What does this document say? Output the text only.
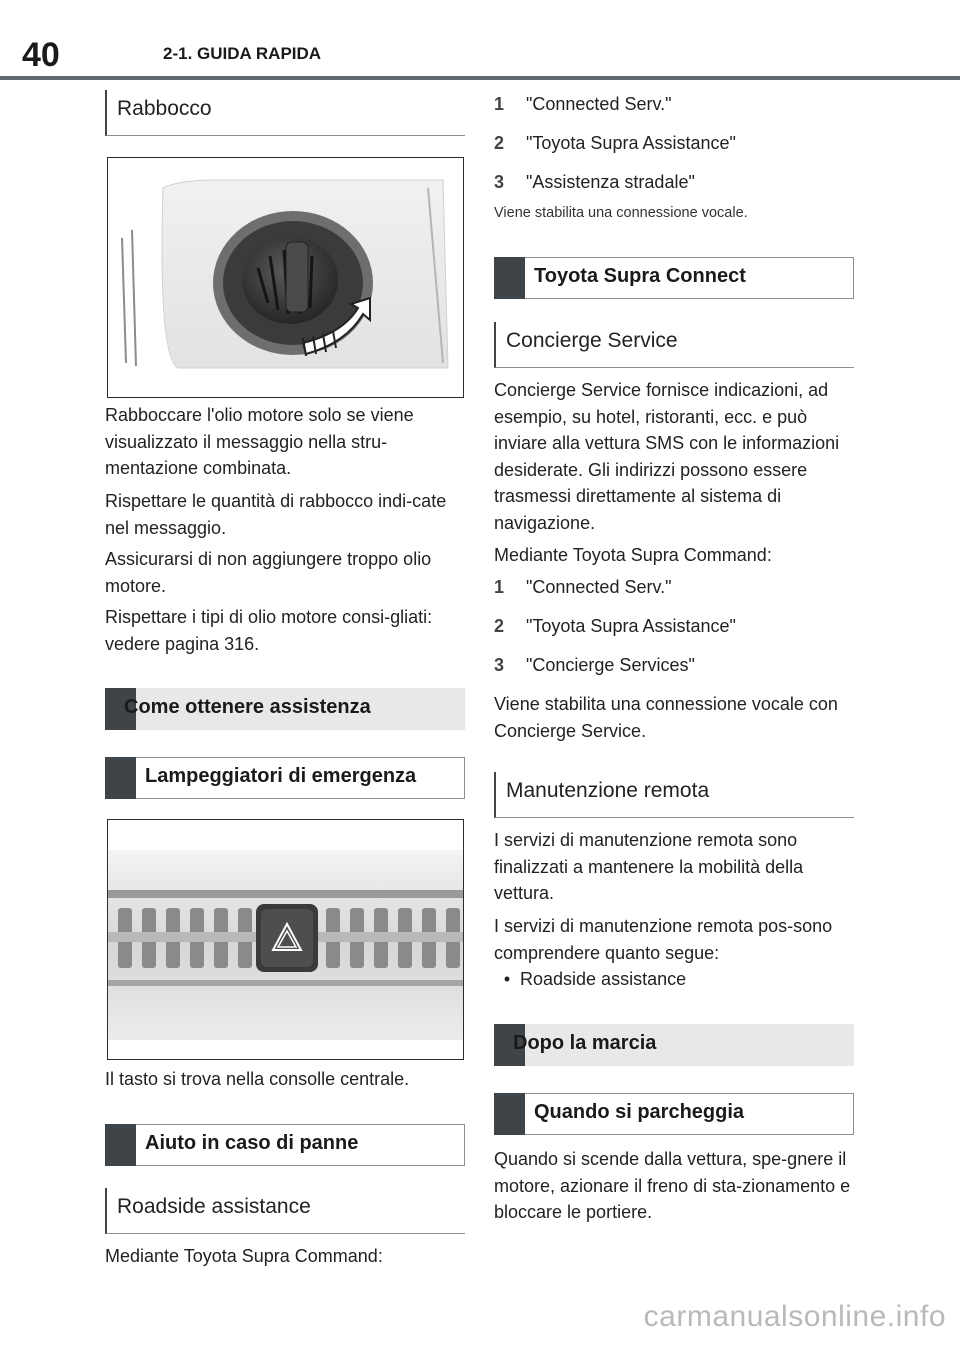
40	2-1. GUIDA RAPIDA
Rabbocco
Rabboccare l'olio motore solo se viene visualizzato il messaggio nella stru-mentazione combinata.
Rispettare le quantità di rabbocco indi-cate nel messaggio.
Assicurarsi di non aggiungere troppo olio motore.
Rispettare i tipi di olio motore consi-gliati: vedere pagina 316.
Come ottenere assistenza
Lampeggiatori di emergenza
Il tasto si trova nella consolle centrale.
Aiuto in caso di panne
Roadside assistance
Mediante Toyota Supra Command:
1 "Connected Serv."
2 "Toyota Supra Assistance"
3 "Assistenza stradale"
Viene stabilita una connessione vocale.
Toyota Supra Connect
Concierge Service
Concierge Service fornisce indicazioni, ad esempio, su hotel, ristoranti, ecc. e può inviare alla vettura SMS con le informazioni desiderate. Gli indirizzi possono essere trasmessi direttamente al sistema di navigazione.
Mediante Toyota Supra Command:
1 "Connected Serv."
2 "Toyota Supra Assistance"
3 "Concierge Services"
Viene stabilita una connessione vocale con Concierge Service.
Manutenzione remota
I servizi di manutenzione remota sono finalizzati a mantenere la mobilità della vettura.
I servizi di manutenzione remota pos-sono comprendere quanto segue:
• Roadside assistance
Dopo la marcia
Quando si parcheggia
Quando si scende dalla vettura, spe-gnere il motore, azionare il freno di sta-zionamento e bloccare le portiere.
carmanualsonline.info
